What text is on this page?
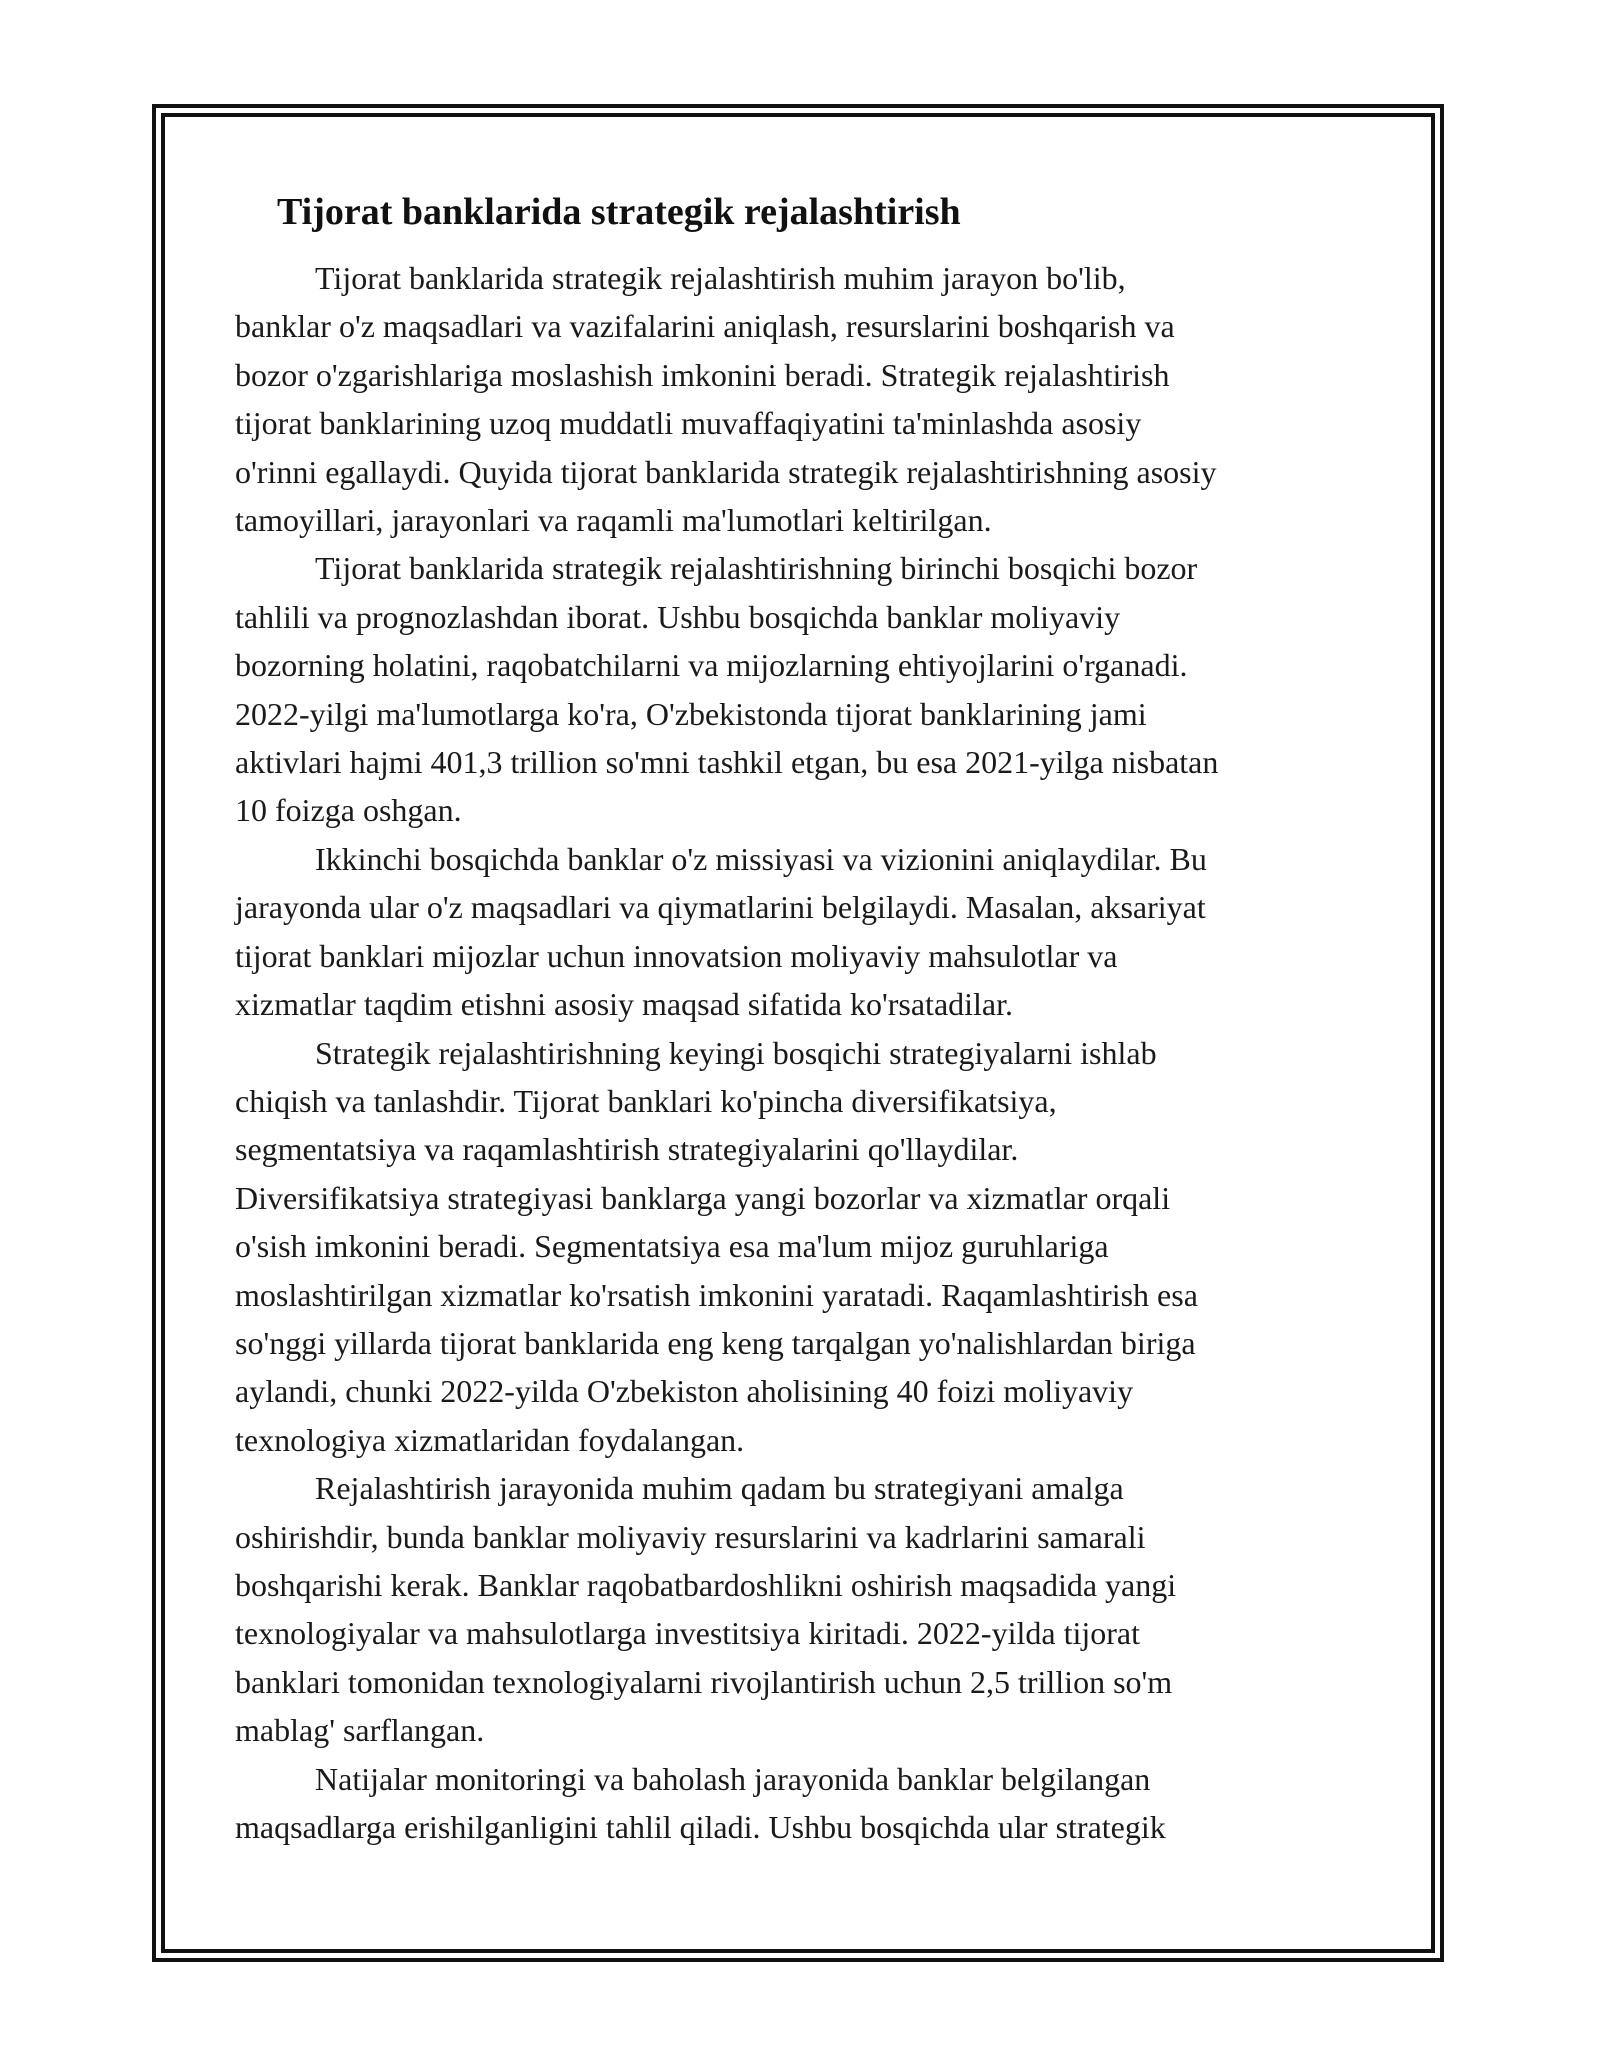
Tijorat banklarida strategik rejalashtirish

Tijorat banklarida strategik rejalashtirish muhim jarayon bo'lib,
banklar o'z maqsadlari va vazifalarini aniqlash, resurslarini boshqarish va
bozor o'zgarishlariga moslashish imkonini beradi. Strategik rejalashtirish
tijorat banklarining uzoq muddatli muvaffaqiyatini ta'minlashda asosiy
o'rinni egallaydi. Quyida tijorat banklarida strategik rejalashtirishning asosiy
tamoyillari, jarayonlari va raqamli ma'lumotlari keltirilgan.

Tijorat banklarida strategik rejalashtirishning birinchi bosqichi bozor
tahlili va prognozlashdan iborat. Ushbu bosqichda banklar moliyaviy
bozorning holatini, raqobatchilarni va mijozlarning ehtiyojlarini o'rganadi.
2022-yilgi ma'lumotlarga ko'ra, O'zbekistonda tijorat banklarining jami
aktivlari hajmi 401,3 trillion so'mni tashkil etgan, bu esa 2021-yilga nisbatan
10 foizga oshgan.

Ikkinchi bosqichda banklar o'z missiyasi va vizionini aniqlaydilar. Bu
jarayonda ular o'z maqsadlari va qiymatlarini belgilaydi. Masalan, aksariyat
tijorat banklari mijozlar uchun innovatsion moliyaviy mahsulotlar va
xizmatlar taqdim etishni asosiy maqsad sifatida ko'rsatadilar.

Strategik rejalashtirishning keyingi bosqichi strategiyalarni ishlab
chiqish va tanlashdir. Tijorat banklari ko'pincha diversifikatsiya,
segmentatsiya va raqamlashtirish strategiyalarini qo'llaydilar.
Diversifikatsiya strategiyasi banklarga yangi bozorlar va xizmatlar orqali
o'sish imkonini beradi. Segmentatsiya esa ma'lum mijoz guruhlariga
moslashtirilgan xizmatlar ko'rsatish imkonini yaratadi. Raqamlashtirish esa
so'nggi yillarda tijorat banklarida eng keng tarqalgan yo'nalishlardan biriga
aylandi, chunki 2022-yilda O'zbekiston aholisining 40 foizi moliyaviy
texnologiya xizmatlaridan foydalangan.

Rejalashtirish jarayonida muhim qadam bu strategiyani amalga
oshirishdir, bunda banklar moliyaviy resurslarini va kadrlarini samarali
boshqarishi kerak. Banklar raqobatbardoshlikni oshirish maqsadida yangi
texnologiyalar va mahsulotlarga investitsiya kiritadi. 2022-yilda tijorat
banklari tomonidan texnologiyalarni rivojlantirish uchun 2,5 trillion so'm
mablag' sarflangan.

Natijalar monitoringi va baholash jarayonida banklar belgilangan
maqsadlarga erishilganligini tahlil qiladi. Ushbu bosqichda ular strategik
